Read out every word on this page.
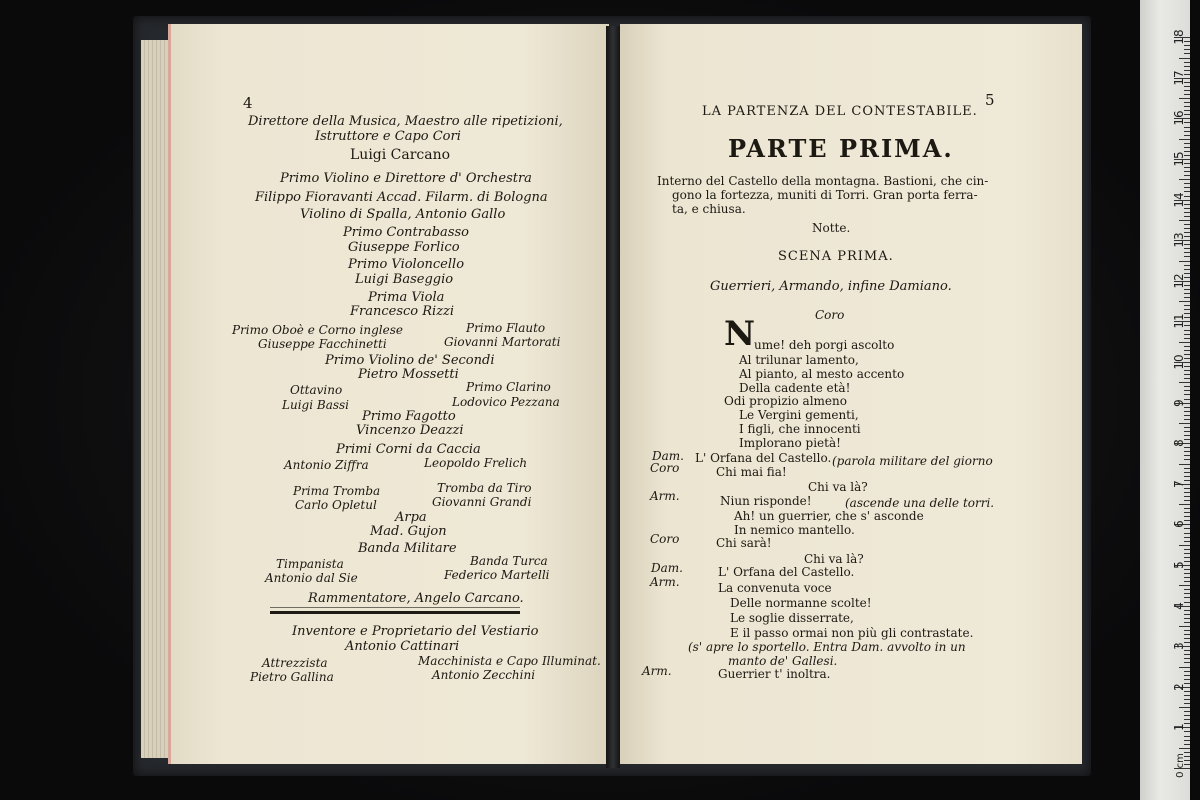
4
Direttore della Musica, Maestro alle ripetizioni,
Istruttore e Capo Cori
Luigi Carcano
Primo Violino e Direttore d' Orchestra
Filippo Fioravanti Accad. Filarm. di Bologna
Violino di Spalla, Antonio Gallo
Primo Contrabasso
Giuseppe Forlico
Primo Violoncello
Luigi Baseggio
Prima Viola
Francesco Rizzi
Primo Oboè e Corno inglese	Primo Flauto
Giuseppe Facchinetti	Giovanni Martorati
Primo Violino de' Secondi
Pietro Mossetti
Ottavino	Primo Clarino
Luigi Bassi	Lodovico Pezzana
Primo Fagotto
Vincenzo Deazzi
Primi Corni da Caccia
Antonio Ziffra	Leopoldo Frelich
Prima Tromba	Tromba da Tiro
Carlo Opletul	Giovanni Grandi
Arpa
Mad. Gujon
Banda Militare
Timpanista	Banda Turca
Antonio dal Sie	Federico Martelli
Rammentatore, Angelo Carcano.
Inventore e Proprietario del Vestiario
Antonio Cattinari
Attrezzista	Macchinista e Capo Illuminat.
Pietro Gallina	Antonio Zecchini
5
LA PARTENZA DEL CONTESTABILE.
PARTE PRIMA.
Interno del Castello della montagna. Bastioni, che cin-
gono la fortezza, muniti di Torri. Gran porta ferra-
ta, e chiusa.
Notte.
SCENA PRIMA.
Guerrieri, Armando, infine Damiano.
Coro
N
ume! deh porgi ascolto
Al trilunar lamento,
Al pianto, al mesto accento
Della cadente età!
Odi propizio almeno
Le Vergini gementi,
I figli, che innocenti
Implorano pietà!
Dam. L' Orfana del Castello. (parola militare del giorno
Coro	Chi mai fia!
Chi va là?
Arm.	Niun risponde!	(ascende una delle torri.
Ah! un guerrier, che s' asconde
In nemico mantello.
Coro	Chi sarà!
Chi va là?
Dam.	L' Orfana del Castello.
Arm.	La convenuta voce
Delle normanne scolte!
Le soglie disserrate,
E il passo ormai non più gli contrastate.
(s' apre lo sportello. Entra Dam. avvolto in un
manto de' Gallesi.
Arm.	Guerrier t' inoltra.
1
2
3
4
5
6
7
8
9
10
11
12
13
14
15
16
17
18
0 cm
